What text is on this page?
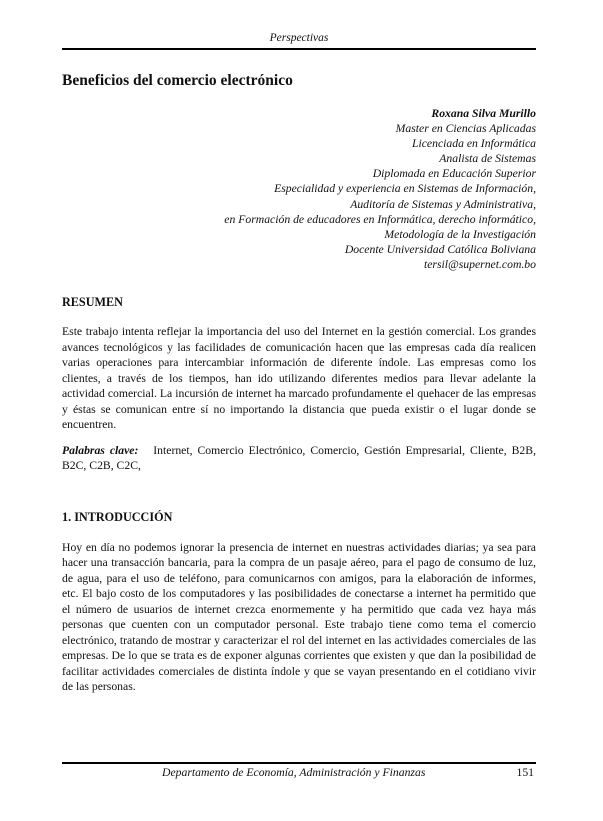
Perspectivas
Beneficios del comercio electrónico
Roxana Silva Murillo
Master en Ciencias Aplicadas
Licenciada en Informática
Analista de Sistemas
Diplomada en Educación Superior
Especialidad y experiencia en Sistemas de Información,
Auditoría de Sistemas y Administrativa,
en Formación de educadores en Informática, derecho informático,
Metodología de la Investigación
Docente Universidad Católica Boliviana
tersil@supernet.com.bo
RESUMEN

Este trabajo intenta reflejar la importancia del uso del Internet en la gestión comercial. Los grandes avances tecnológicos y las facilidades de comunicación hacen que las empresas cada día realicen varias operaciones para intercambiar información de diferente índole. Las empresas como los clientes, a través de los tiempos, han ido utilizando diferentes medios para llevar adelante la actividad comercial. La incursión de internet ha marcado profundamente el quehacer de las empresas y éstas se comunican entre sí no importando la distancia que pueda existir o el lugar donde se encuentren.

Palabras clave: Internet, Comercio Electrónico, Comercio, Gestión Empresarial, Cliente, B2B, B2C, C2B, C2C,

1. INTRODUCCIÓN

Hoy en día no podemos ignorar la presencia de internet en nuestras actividades diarias; ya sea para hacer una transacción bancaria, para la compra de un pasaje aéreo, para el pago de consumo de luz, de agua, para el uso de teléfono, para comunicarnos con amigos, para la elaboración de informes, etc. El bajo costo de los computadores y las posibilidades de conectarse a internet ha permitido que el número de usuarios de internet crezca enormemente y ha permitido que cada vez haya más personas que cuenten con un computador personal. Este trabajo tiene como tema el comercio electrónico, tratando de mostrar y caracterizar el rol del internet en las actividades comerciales de las empresas. De lo que se trata es de exponer algunas corrientes que existen y que dan la posibilidad de facilitar actividades comerciales de distinta índole y que se vayan presentando en el cotidiano vivir de las personas.

Departamento de Economía, Administración y Finanzas	151
